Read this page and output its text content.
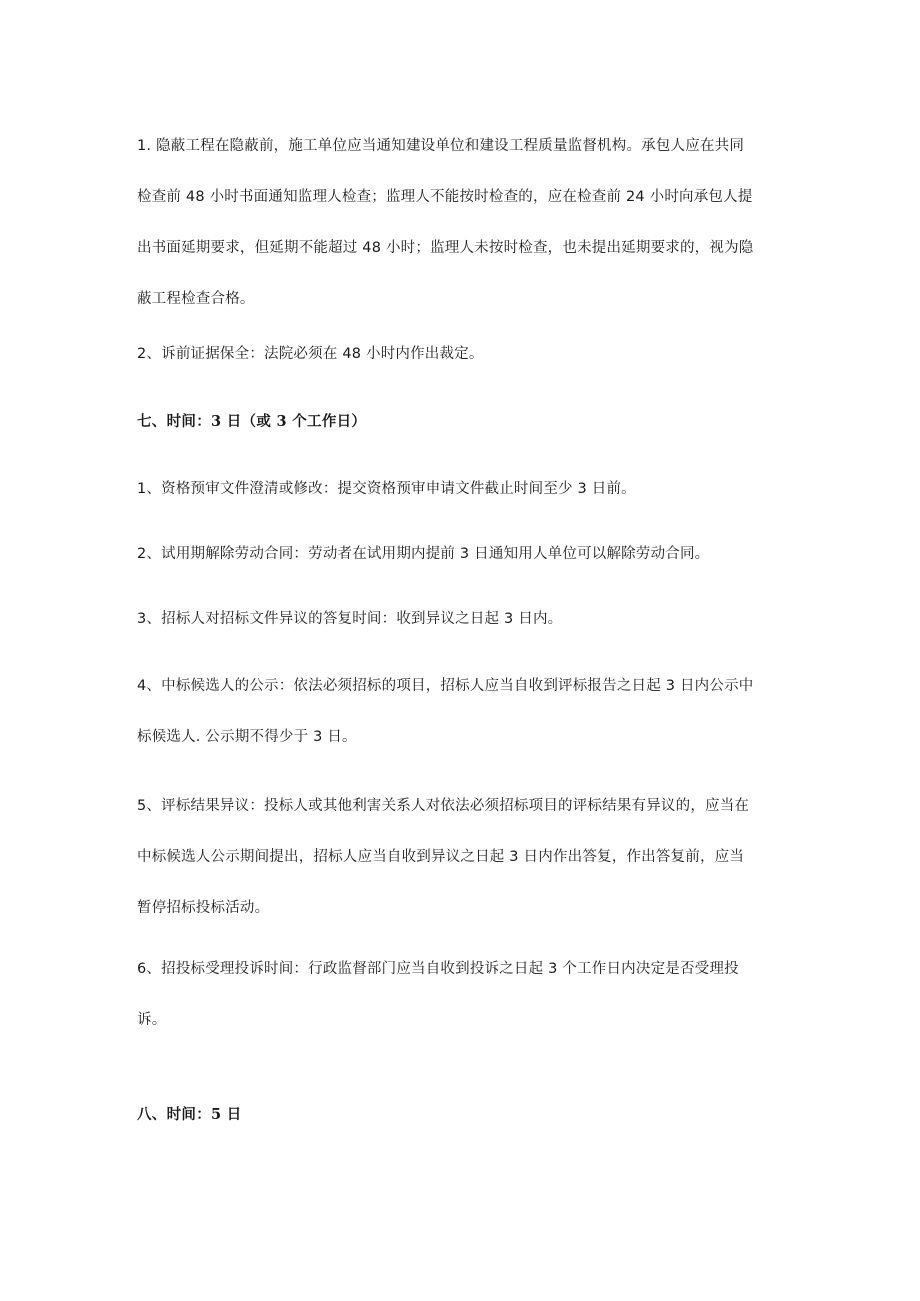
1. 隐蔽工程在隐蔽前，施工单位应当通知建设单位和建设工程质量监督机构。承包人应在共同
检查前 48 小时书面通知监理人检查；监理人不能按时检查的，应在检查前 24 小时向承包人提
出书面延期要求，但延期不能超过 48 小时；监理人未按时检查，也未提出延期要求的，视为隐
蔽工程检查合格。

2、诉前证据保全：法院必须在 48 小时内作出裁定。

七、时间：3 日（或 3 个工作日）

1、资格预审文件澄清或修改：提交资格预审申请文件截止时间至少 3 日前。

2、试用期解除劳动合同：劳动者在试用期内提前 3 日通知用人单位可以解除劳动合同。

3、招标人对招标文件异议的答复时间：收到异议之日起 3 日内。

4、中标候选人的公示：依法必须招标的项目，招标人应当自收到评标报告之日起 3 日内公示中
标候选人. 公示期不得少于 3 日。

5、评标结果异议：投标人或其他利害关系人对依法必须招标项目的评标结果有异议的，应当在
中标候选人公示期间提出，招标人应当自收到异议之日起 3 日内作出答复，作出答复前，应当
暂停招标投标活动。

6、招投标受理投诉时间：行政监督部门应当自收到投诉之日起 3 个工作日内决定是否受理投
诉。

八、时间：5 日
